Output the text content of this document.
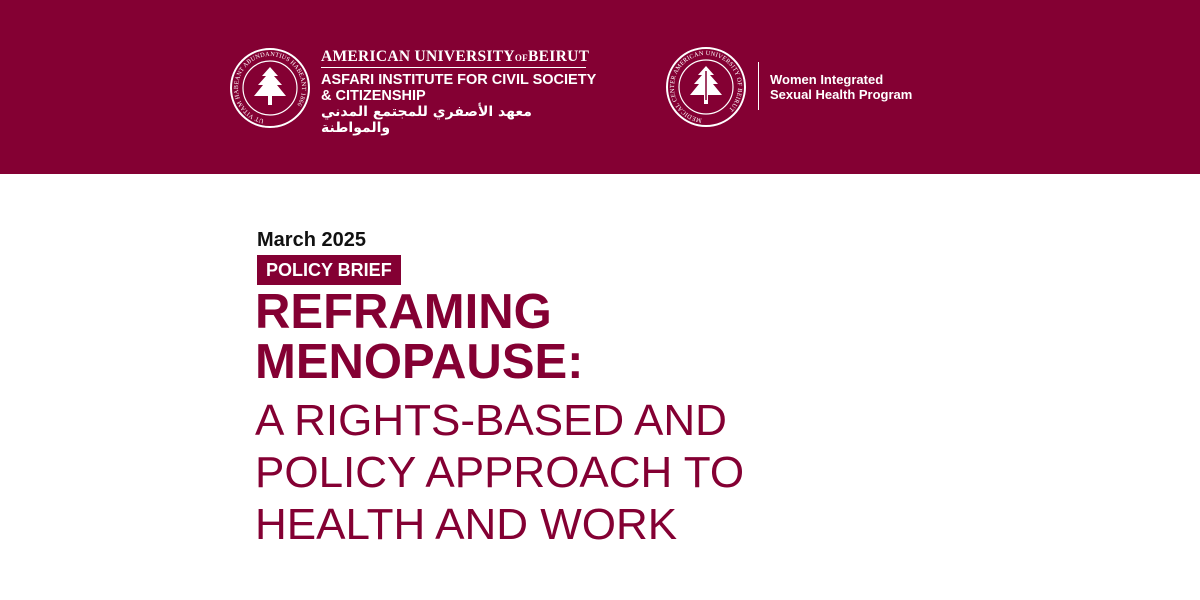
UT VITAM HABEANT ABUNDANTIUS HABEANT 1866
AMERICAN UNIVERSITYOFBEIRUT
ASFARI INSTITUTE FOR CIVIL SOCIETY
& CITIZENSHIP
معهد الأصفري للمجتمع المدني والمواطنة
MEDICAL CENTER AMERICAN UNIVERSITY OF BEIRUT
Women Integrated
Sexual Health Program
March 2025
POLICY BRIEF
REFRAMING
MENOPAUSE:
A RIGHTS-BASED AND
POLICY APPROACH TO
HEALTH AND WORK
